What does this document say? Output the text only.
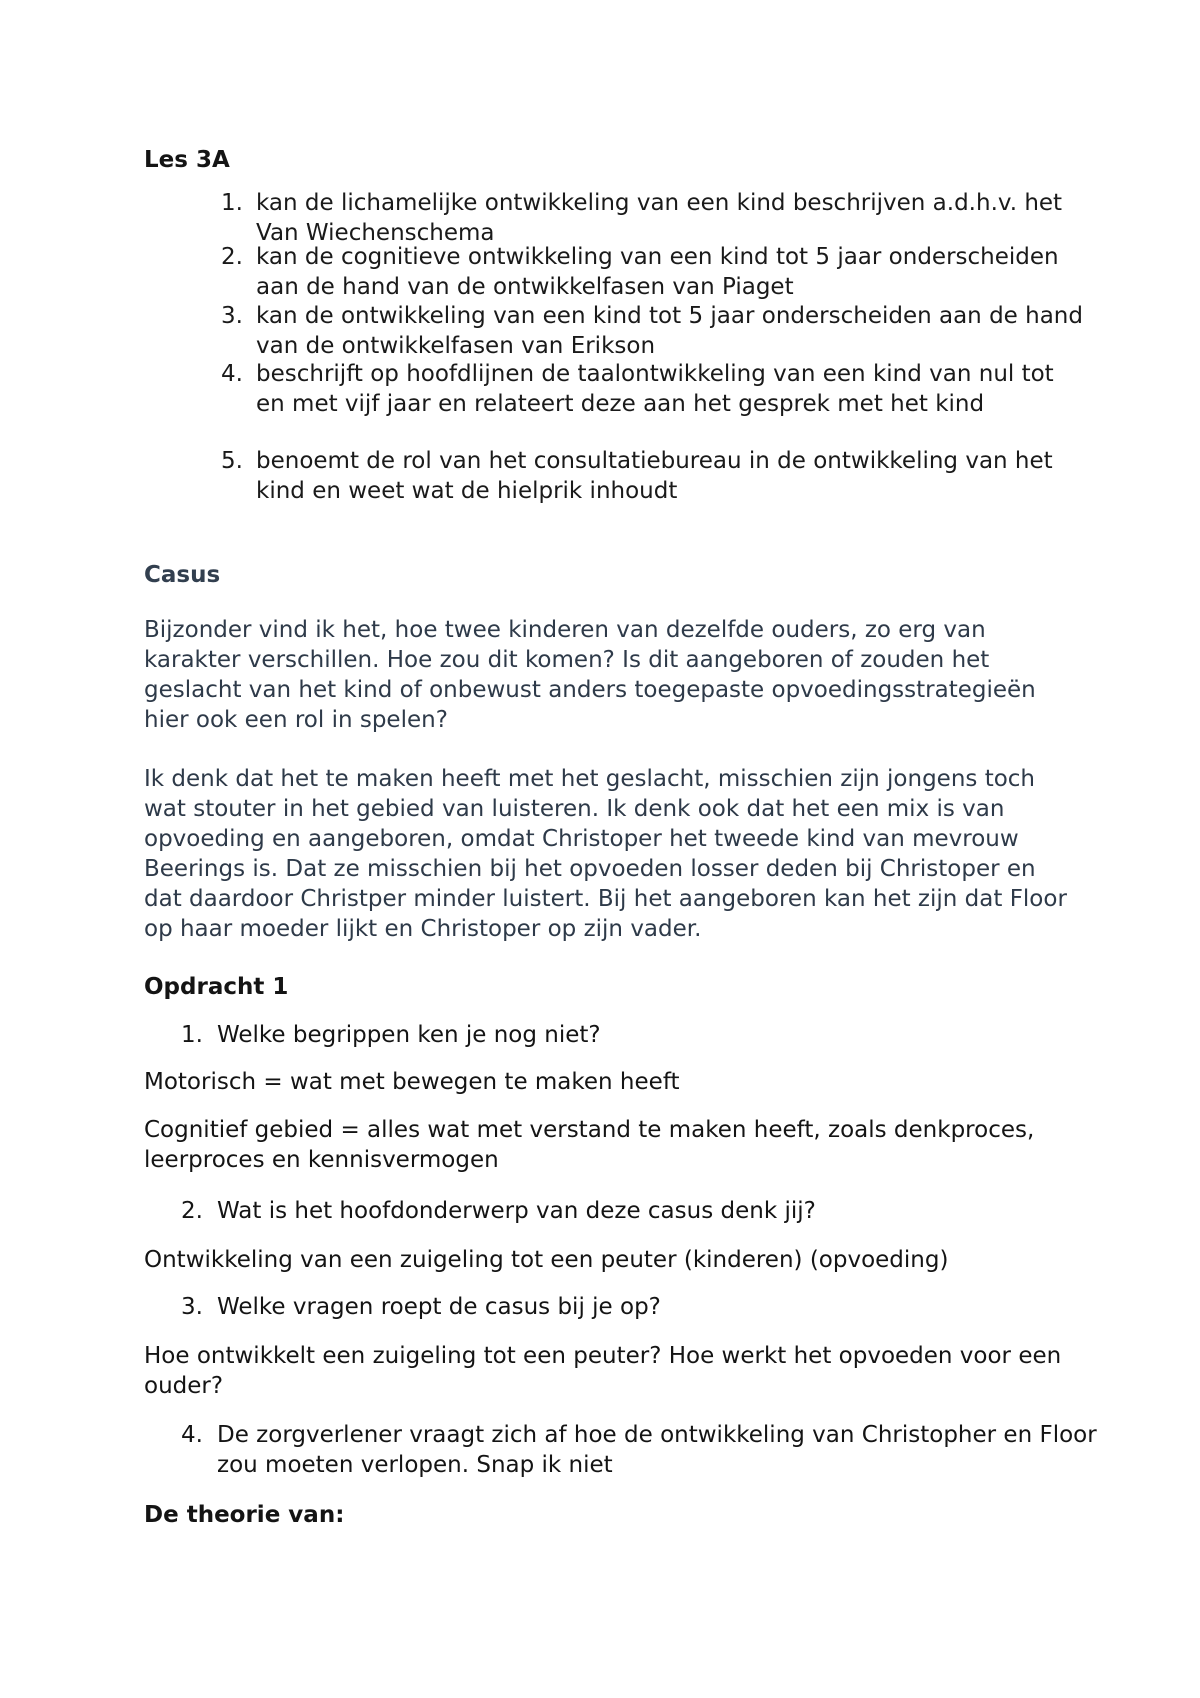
Les 3A
1. kan de lichamelijke ontwikkeling van een kind beschrijven a.d.h.v. het Van Wiechenschema
2. kan de cognitieve ontwikkeling van een kind tot 5 jaar onderscheiden aan de hand van de ontwikkelfasen van Piaget
3. kan de ontwikkeling van een kind tot 5 jaar onderscheiden aan de hand van de ontwikkelfasen van Erikson
4. beschrijft op hoofdlijnen de taalontwikkeling van een kind van nul tot en met vijf jaar en relateert deze aan het gesprek met het kind
5. benoemt de rol van het consultatiebureau in de ontwikkeling van het kind en weet wat de hielprik inhoudt
Casus

Bijzonder vind ik het, hoe twee kinderen van dezelfde ouders, zo erg van karakter verschillen. Hoe zou dit komen? Is dit aangeboren of zouden het geslacht van het kind of onbewust anders toegepaste opvoedingsstrategieën hier ook een rol in spelen?

Ik denk dat het te maken heeft met het geslacht, misschien zijn jongens toch wat stouter in het gebied van luisteren. Ik denk ook dat het een mix is van opvoeding en aangeboren, omdat Christoper het tweede kind van mevrouw Beerings is. Dat ze misschien bij het opvoeden losser deden bij Christoper en dat daardoor Christper minder luistert. Bij het aangeboren kan het zijn dat Floor op haar moeder lijkt en Christoper op zijn vader.

Opdracht 1
1. Welke begrippen ken je nog niet?

Motorisch = wat met bewegen te maken heeft

Cognitief gebied = alles wat met verstand te maken heeft, zoals denkproces, leerproces en kennisvermogen

2. Wat is het hoofdonderwerp van deze casus denk jij?

Ontwikkeling van een zuigeling tot een peuter (kinderen) (opvoeding)

3. Welke vragen roept de casus bij je op?

Hoe ontwikkelt een zuigeling tot een peuter? Hoe werkt het opvoeden voor een ouder?

4. De zorgverlener vraagt zich af hoe de ontwikkeling van Christopher en Floor zou moeten verlopen. Snap ik niet
De theorie van:
